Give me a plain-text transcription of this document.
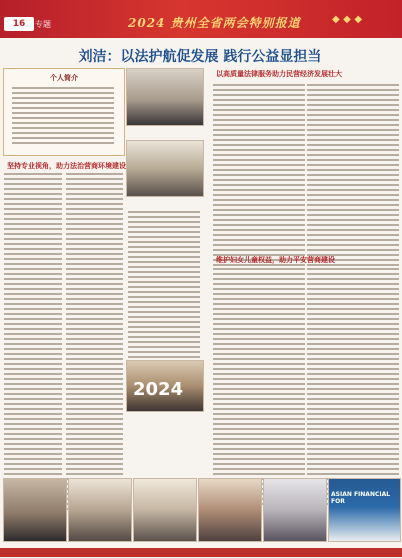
16	专题	2024 贵州全省两会特别报道	◆ ◆ ◆
刘洁：以法护航促发展 践行公益显担当
个人简介
坚持专业视角，助力法治营商环境建设
2024
以高质量法律服务助力民营经济发展壮大
维护妇女儿童权益，助力平安营商建设
ASIAN FINANCIAL FOR
